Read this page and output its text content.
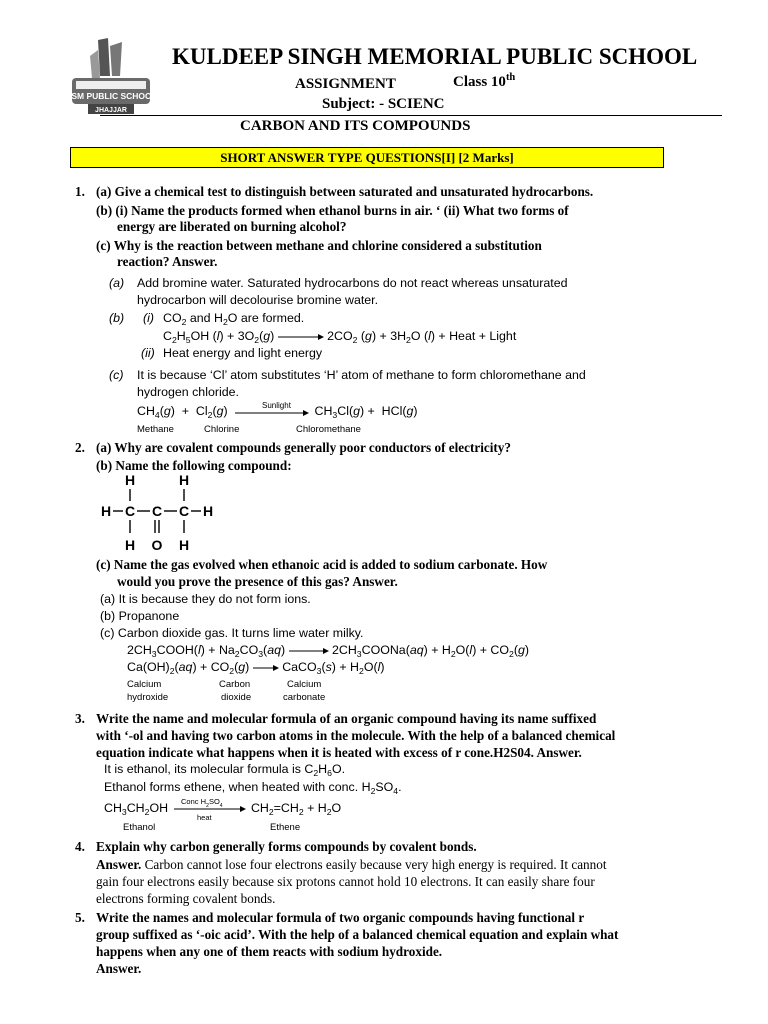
KSM PUBLIC SCHOOL
JHAJJAR
KULDEEP SINGH MEMORIAL PUBLIC SCHOOL
ASSIGNMENT	Class 10th
Subject: - SCIENC
CARBON AND ITS COMPOUNDS
SHORT ANSWER TYPE QUESTIONS[I] [2 Marks]
1. (a) Give a chemical test to distinguish between saturated and unsaturated hydrocarbons.
(b) (i) Name the products formed when ethanol burns in air. ‘ (ii) What two forms of
energy are liberated on burning alcohol?
(c) Why is the reaction between methane and chlorine considered a substitution
reaction? Answer.
(a) Add bromine water. Saturated hydrocarbons do not react whereas unsaturated
hydrocarbon will decolourise bromine water.
(b) (i) $CO_2$ and $H_2O$ are formed.
$C_2H_5OH$ $(l) + 3O_2(g)$	$2CO_2$ $(g) + 3H_2O$ (l) + Heat + Light
(ii) Heat energy and light energy
(c) It is because ‘Cl’ atom substitutes ‘H’ atom of methane to form chloromethane and
hydrogen chloride.
$CH_4(g) + Cl_2(g)$	$CH_3Cl(g) + HCl(g)$
Sunlight
Methane	Chlorine	Chloromethane
2. (a) Why are covalent compounds generally poor conductors of electricity?
(b) Name the following compound:
H	H
H C C C H
H O H
(c) Name the gas evolved when ethanoic acid is added to sodium carbonate. How
would you prove the presence of this gas? Answer.
(a) It is because they do not form ions.
(b) Propanone
(c) Carbon dioxide gas. It turns lime water milky.
$2CH_3COOH(l) + Na_2CO_3(aq)$	$2CH_3COONa(aq) + H_2O(l) + CO_2(g)$
$Ca(OH)_2(aq) + CO_2(g)$  CaCO$_3$(s) + $H_2O(l)$
Calcium
hydroxide
Carbon
dioxide
Calcium
carbonate
3. Write the name and molecular formula of an organic compound having its name suffixed
with ‘-ol and having two carbon atoms in the molecule. With the help of a balanced chemical
equation indicate what happens when it is heated with excess of r cone.H2S04. Answer.
It is ethanol, its molecular formula is $C_2H_6O$.
Ethanol forms ethene, when heated with conc. $H_2SO_4$.
$CH_3CH_2OH$	$CH_2=CH_2 + H_2O$
Conc $H_2SO_4$
heat
Ethanol	Ethene
4. Explain why carbon generally forms compounds by covalent bonds.
Answer. Carbon cannot lose four electrons easily because very high energy is required. It cannot
gain four electrons easily because six protons cannot hold 10 electrons. It can easily share four
electrons forming covalent bonds.
5. Write the names and molecular formula of two organic compounds having functional r
group suffixed as ‘-oic acid’. With the help of a balanced chemical equation and explain what
happens when any one of them reacts with sodium hydroxide.
Answer.
